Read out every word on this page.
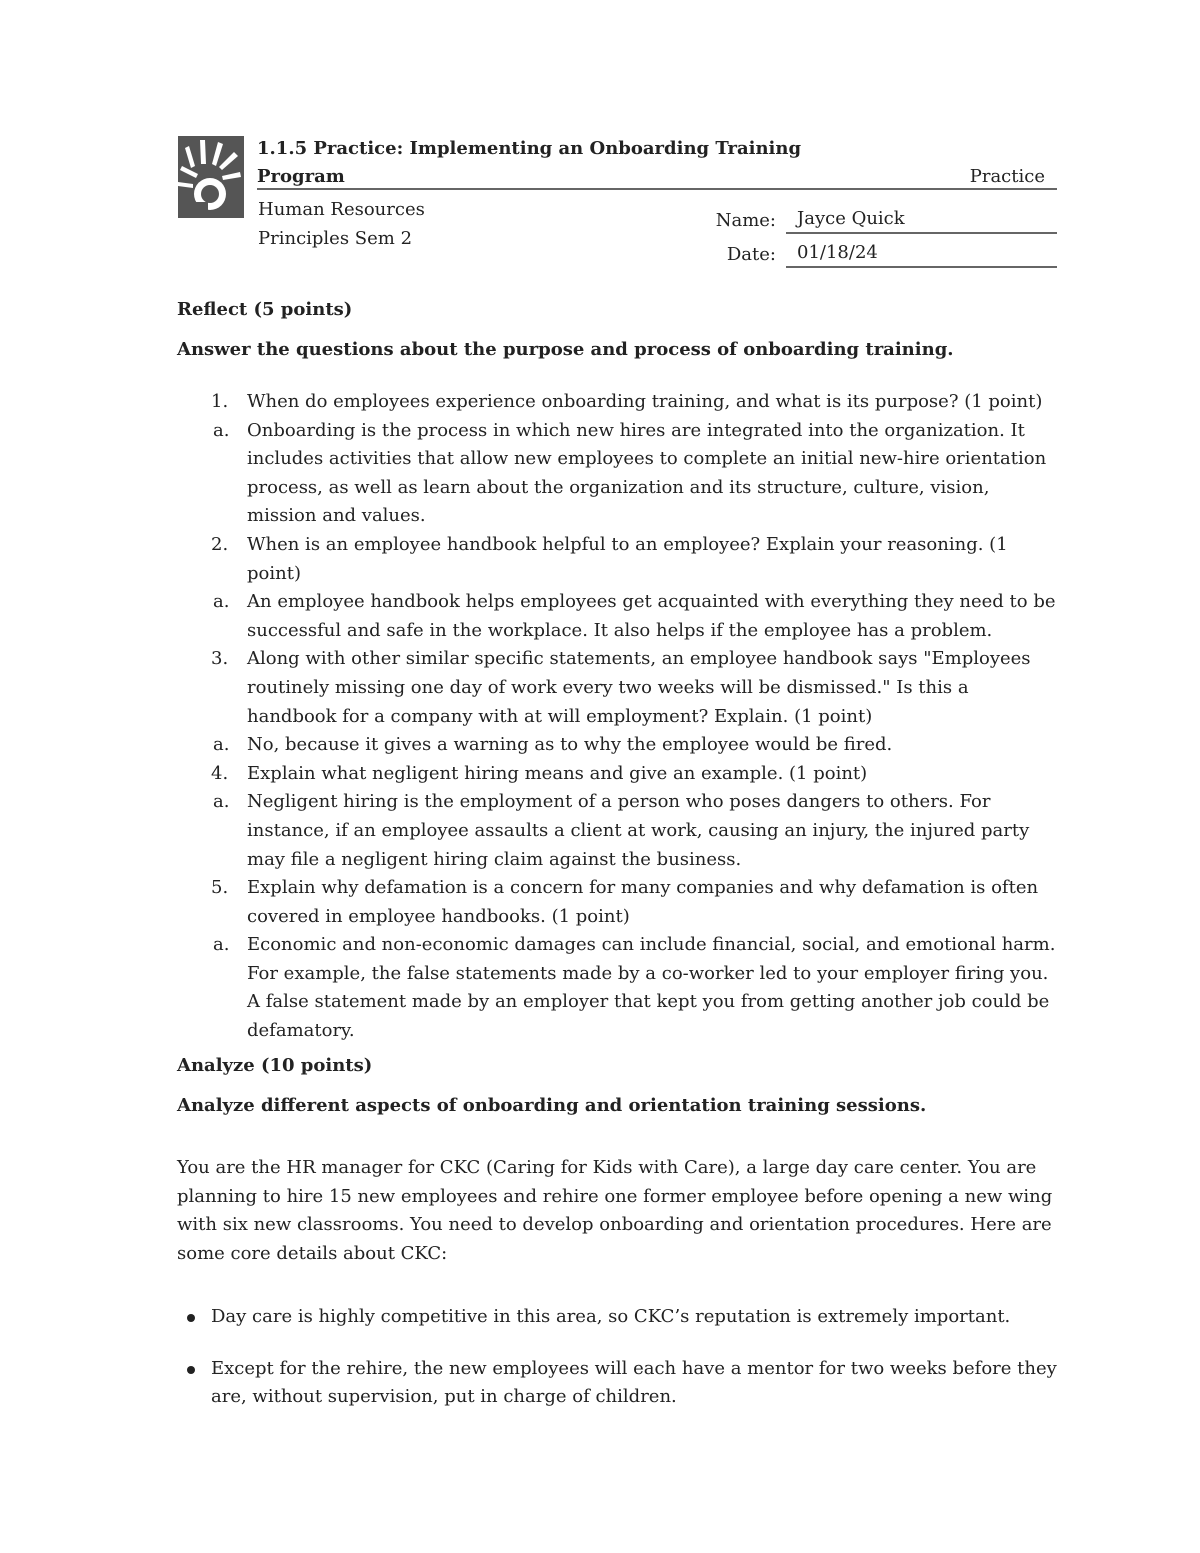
1.1.5 Practice: Implementing an Onboarding Training
Program	Practice
Human Resources
Principles Sem 2
Name:	Jayce Quick
Date:	01/18/24
Reflect (5 points)
Answer the questions about the purpose and process of onboarding training.
1. When do employees experience onboarding training, and what is its purpose? (1 point)
a. Onboarding is the process in which new hires are integrated into the organization. It includes activities that allow new employees to complete an initial new-hire orientation process, as well as learn about the organization and its structure, culture, vision, mission and values.
2. When is an employee handbook helpful to an employee? Explain your reasoning. (1 point)
a. An employee handbook helps employees get acquainted with everything they need to be successful and safe in the workplace. It also helps if the employee has a problem.
3. Along with other similar specific statements, an employee handbook says "Employees routinely missing one day of work every two weeks will be dismissed." Is this a handbook for a company with at will employment? Explain. (1 point)
a. No, because it gives a warning as to why the employee would be fired.
4. Explain what negligent hiring means and give an example. (1 point)
a. Negligent hiring is the employment of a person who poses dangers to others. For instance, if an employee assaults a client at work, causing an injury, the injured party may file a negligent hiring claim against the business.
5. Explain why defamation is a concern for many companies and why defamation is often covered in employee handbooks. (1 point)
a. Economic and non-economic damages can include financial, social, and emotional harm. For example, the false statements made by a co-worker led to your employer firing you. A false statement made by an employer that kept you from getting another job could be defamatory.
Analyze (10 points)
Analyze different aspects of onboarding and orientation training sessions.
You are the HR manager for CKC (Caring for Kids with Care), a large day care center. You are planning to hire 15 new employees and rehire one former employee before opening a new wing with six new classrooms. You need to develop onboarding and orientation procedures. Here are some core details about CKC:
Day care is highly competitive in this area, so CKC’s reputation is extremely important.
Except for the rehire, the new employees will each have a mentor for two weeks before they are, without supervision, put in charge of children.
